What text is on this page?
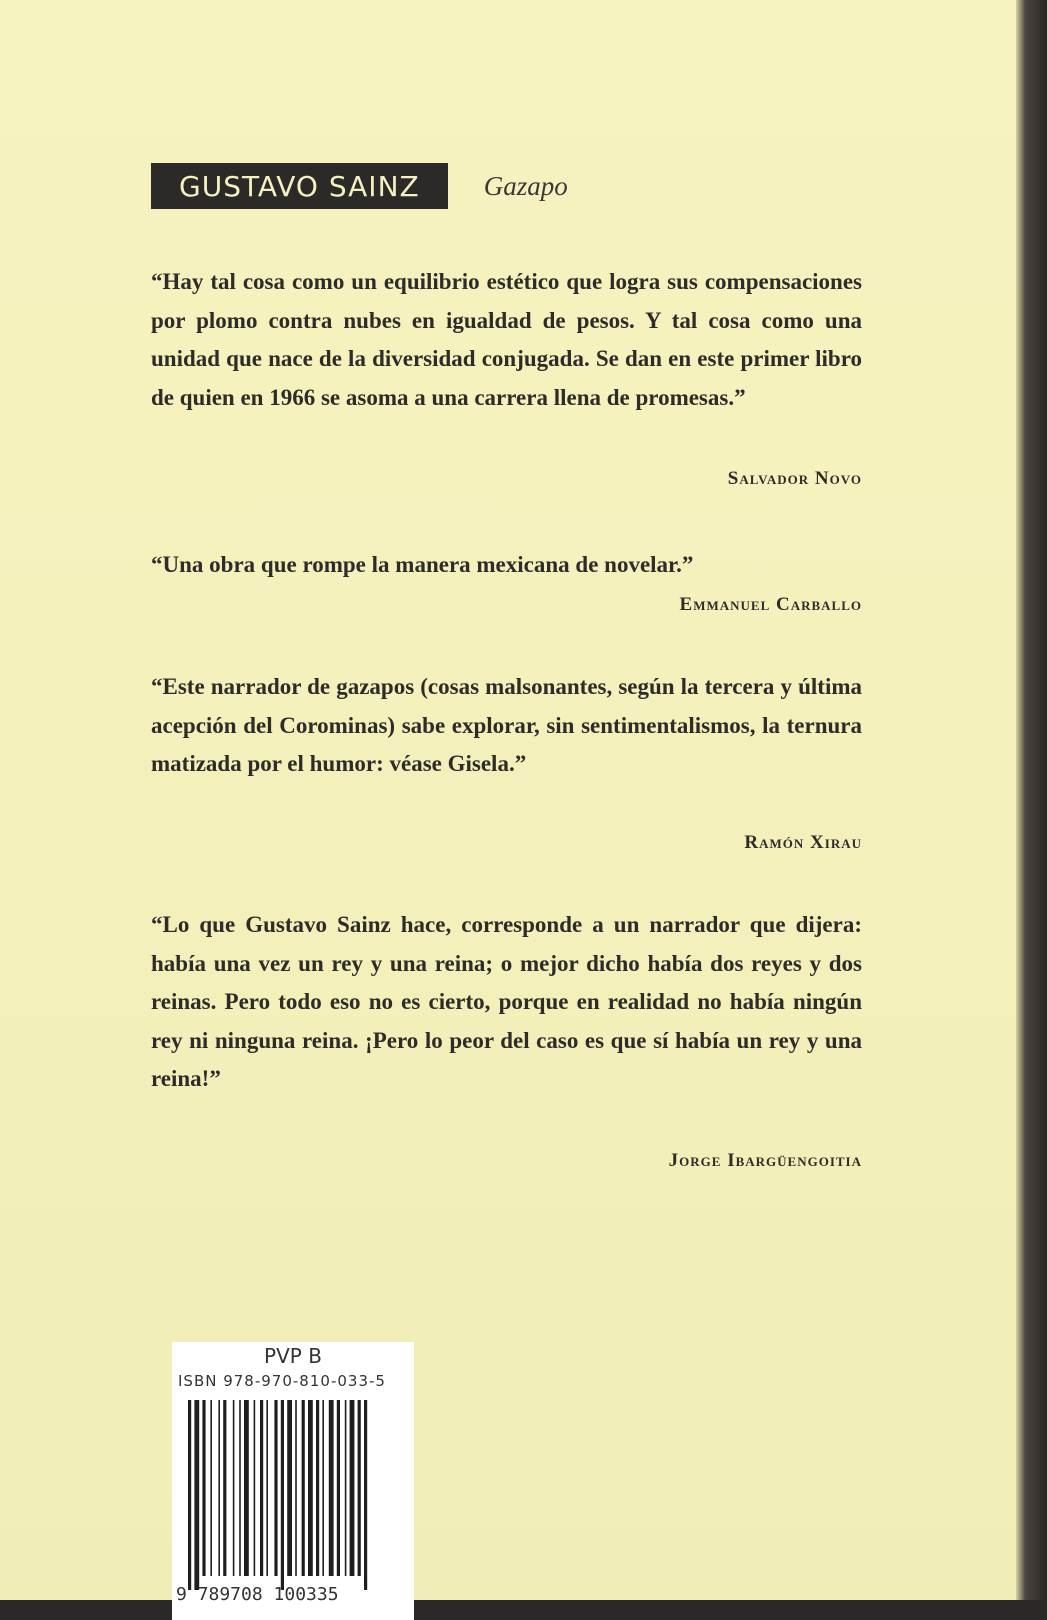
GUSTAVO SAINZ	Gazapo

“Hay tal cosa como un equilibrio estético que logra sus compensaciones por plomo contra nubes en igualdad de pesos. Y tal cosa como una unidad que nace de la diversidad conjugada. Se dan en este primer libro de quien en 1966 se asoma a una carrera llena de promesas.”

Salvador Novo

“Una obra que rompe la manera mexicana de novelar.”

Emmanuel Carballo

“Este narrador de gazapos (cosas malsonantes, según la tercera y última acepción del Corominas) sabe explorar, sin sentimentalismos, la ternura matizada por el humor: véase Gisela.”

Ramón Xirau

“Lo que Gustavo Sainz hace, corresponde a un narrador que dijera: había una vez un rey y una reina; o mejor dicho había dos reyes y dos reinas. Pero todo eso no es cierto, porque en realidad no había ningún rey ni ninguna reina. ¡Pero lo peor del caso es que sí había un rey y una reina!”

Jorge Ibargüengoitia
PVP B
ISBN 978-970-810-033-5
9 789708 100335
